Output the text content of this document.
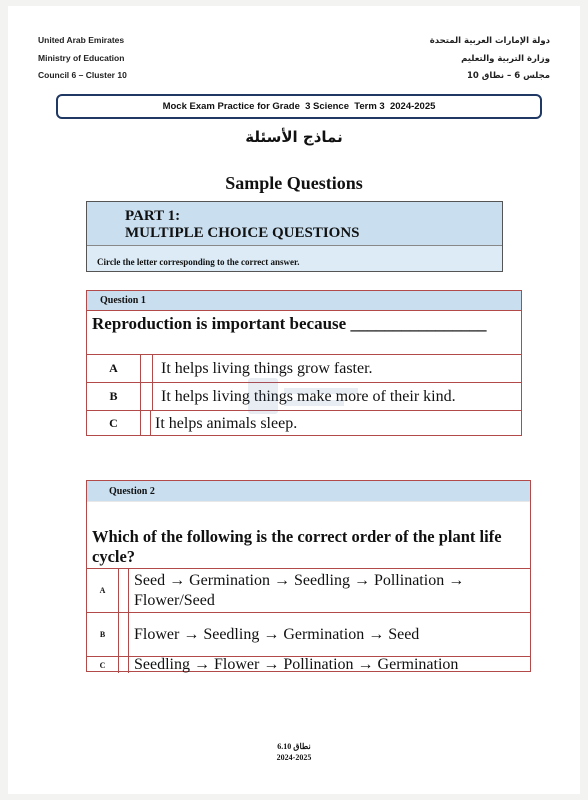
United Arab Emirates
Ministry of Education
Council 6 – Cluster 10
دولة الإمارات العربية المتحدة
وزارة التربية والتعليم
مجلس 6 – نطاق 10
Mock Exam Practice for Grade  3 Science  Term 3  2024-2025
نماذج الأسئلة
Sample Questions
PART 1:
MULTIPLE CHOICE QUESTIONS
Circle the letter corresponding to the correct answer.
Question 1
Reproduction is important because ________________
A	It helps living things grow faster.
B	It helps living things make more of their kind.
C	It helps animals sleep.
Question 2
Which of the following is the correct order of the plant life cycle?
A
Seed → Germination → Seedling → Pollination → Flower/Seed
B	Flower → Seedling → Germination → Seed
C	Seedling → Flower → Pollination → Germination
نطاق 6.10
2024-2025
